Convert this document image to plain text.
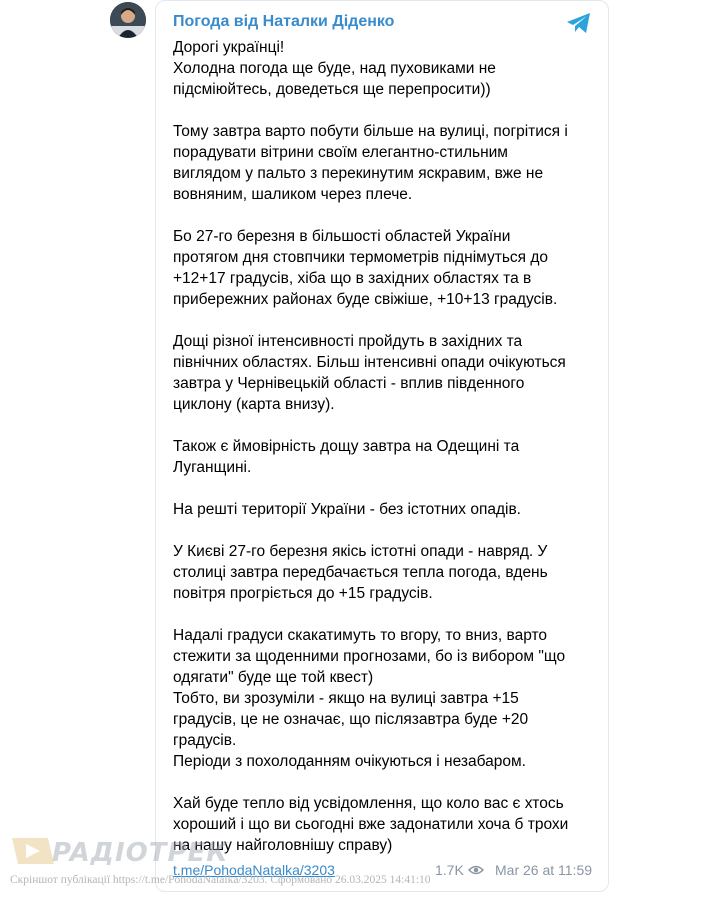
Погода від Наталки Діденко
Дорогі українці!
Холодна погода ще буде, над пуховиками не
підсміюйтесь, доведеться ще перепросити))
Тому завтра варто побути більше на вулиці, погрітися і
порадувати вітрини своїм елегантно-стильним
виглядом у пальто з перекинутим яскравим, вже не
вовняним, шаликом через плече.
Бо 27-го березня в більшості областей України
протягом дня стовпчики термометрів піднімуться до
+12+17 градусів, хіба що в західних областях та в
прибережних районах буде свіжіше, +10+13 градусів.
Дощі різної інтенсивності пройдуть в західних та
північних областях. Більш інтенсивні опади очікуються
завтра у Чернівецькій області - вплив південного
циклону (карта внизу).
Також є ймовірність дощу завтра на Одещині та
Луганщині.
На решті території України - без істотних опадів.
У Києві 27-го березня якісь істотні опади - навряд. У
столиці завтра передбачається тепла погода, вдень
повітря прогріється до +15 градусів.
Надалі градуси скакатимуть то вгору, то вниз, варто
стежити за щоденними прогнозами, бо із вибором "що
одягати" буде ще той квест)
Тобто, ви зрозуміли - якщо на вулиці завтра +15
градусів, це не означає, що післязавтра буде +20
градусів.
Періоди з похолоданням очікуються і незабаром.
Хай буде тепло від усвідомлення, що коло вас є хтось
хороший і що ви сьогодні вже задонатили хоча б трохи
на нашу найголовнішу справу)
t.me/PohodaNatalka/3203	1.7K Mar 26 at 11:59
PAДIOТРЕК
Скріншот публікації https://t.me/PohodaNatalka/3203. Сформовано 26.03.2025 14:41:10
